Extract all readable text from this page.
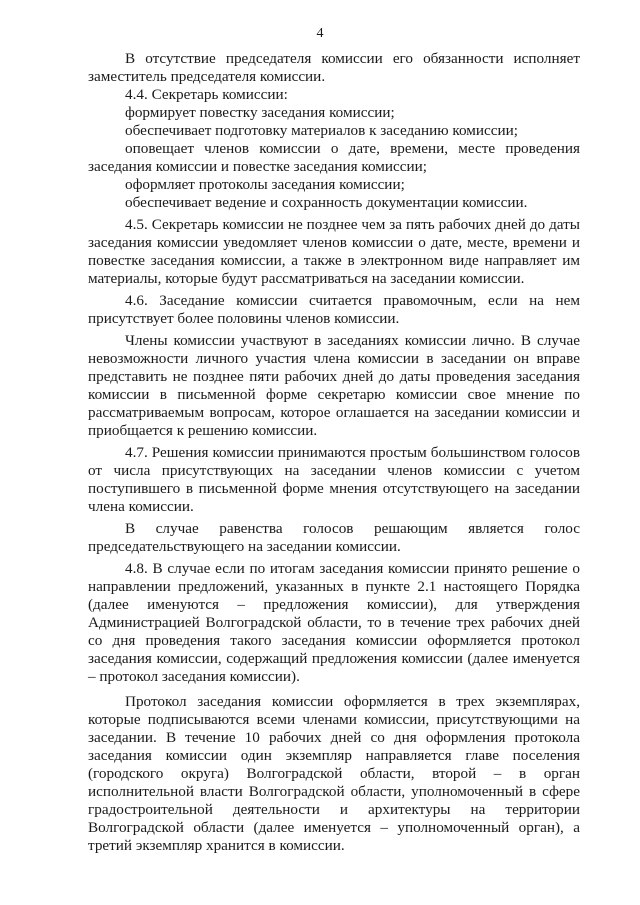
4

В отсутствие председателя комиссии его обязанности исполняет заместитель председателя комиссии.

4.4. Секретарь комиссии:

формирует повестку заседания комиссии;

обеспечивает подготовку материалов к заседанию комиссии;

оповещает членов комиссии о дате, времени, месте проведения заседания комиссии и повестке заседания комиссии;

оформляет протоколы заседания комиссии;

обеспечивает ведение и сохранность документации комиссии.

4.5. Секретарь комиссии не позднее чем за пять рабочих дней до даты заседания комиссии уведомляет членов комиссии о дате, месте, времени и повестке заседания комиссии, а также в электронном виде направляет им материалы, которые будут рассматриваться на заседании комиссии.

4.6. Заседание комиссии считается правомочным, если на нем присутствует более половины членов комиссии.

Члены комиссии участвуют в заседаниях комиссии лично. В случае невозможности личного участия члена комиссии в заседании он вправе представить не позднее пяти рабочих дней до даты проведения заседания комиссии в письменной форме секретарю комиссии свое мнение по рассматриваемым вопросам, которое оглашается на заседании комиссии и приобщается к решению комиссии.

4.7. Решения комиссии принимаются простым большинством голосов от числа присутствующих на заседании членов комиссии с учетом поступившего в письменной форме мнения отсутствующего на заседании члена комиссии.

В случае равенства голосов решающим является голос председательствующего на заседании комиссии.

4.8. В случае если по итогам заседания комиссии принято решение о направлении предложений, указанных в пункте 2.1 настоящего Порядка (далее именуются – предложения комиссии), для утверждения Администрацией Волгоградской области, то в течение трех рабочих дней со дня проведения такого заседания комиссии оформляется протокол заседания комиссии, содержащий предложения комиссии (далее именуется – протокол заседания комиссии).

Протокол заседания комиссии оформляется в трех экземплярах, которые подписываются всеми членами комиссии, присутствующими на заседании. В течение 10 рабочих дней со дня оформления протокола заседания комиссии один экземпляр направляется главе поселения (городского округа) Волгоградской области, второй – в орган исполнительной власти Волгоградской области, уполномоченный в сфере градостроительной деятельности и архитектуры на территории Волгоградской области (далее именуется – уполномоченный орган), а третий экземпляр хранится в комиссии.
